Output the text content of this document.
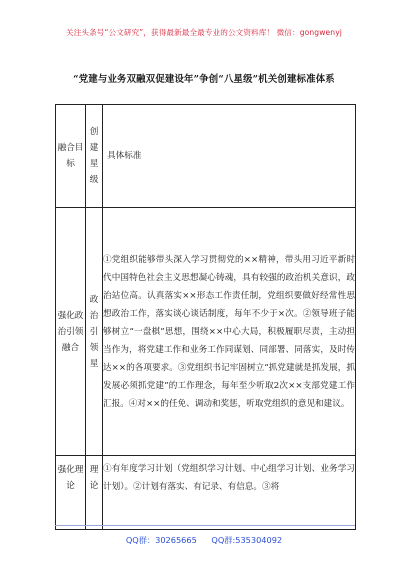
关注头条号“公文研究”，获得最新最全最专业的公文资料库！ 微信：gongwenyj
“党建与业务双融双促建设年”争创“八星级”机关创建标准体系
融合目标	创建星级	具体标准
强化政治引领融合	政治引领星	①党组织能够带头深入学习贯彻党的××精神，带头用习近平新时代中国特色社会主义思想凝心铸魂，具有较强的政治机关意识，政治站位高。认真落实××形态工作责任制，党组织要做好经常性思想政治工作，落实谈心谈话制度，每年不少于×次。②领导班子能够树立“一盘棋”思想，围绕××中心大局，积极履职尽责，主动担当作为，将党建工作和业务工作同谋划、同部署、同落实，及时传达××的各项要求。③党组织书记牢固树立“抓党建就是抓发展，抓发展必须抓党建”的工作理念，每年至少听取2次××支部党建工作汇报。④对××的任免、调动和奖惩，听取党组织的意见和建议。
强化理论	理论	①有年度学习计划（党组织学习计划、中心组学习计划、业务学习计划）。②计划有落实、有记录、有信息。③将
QQ群：30265665 QQ群:535304092
